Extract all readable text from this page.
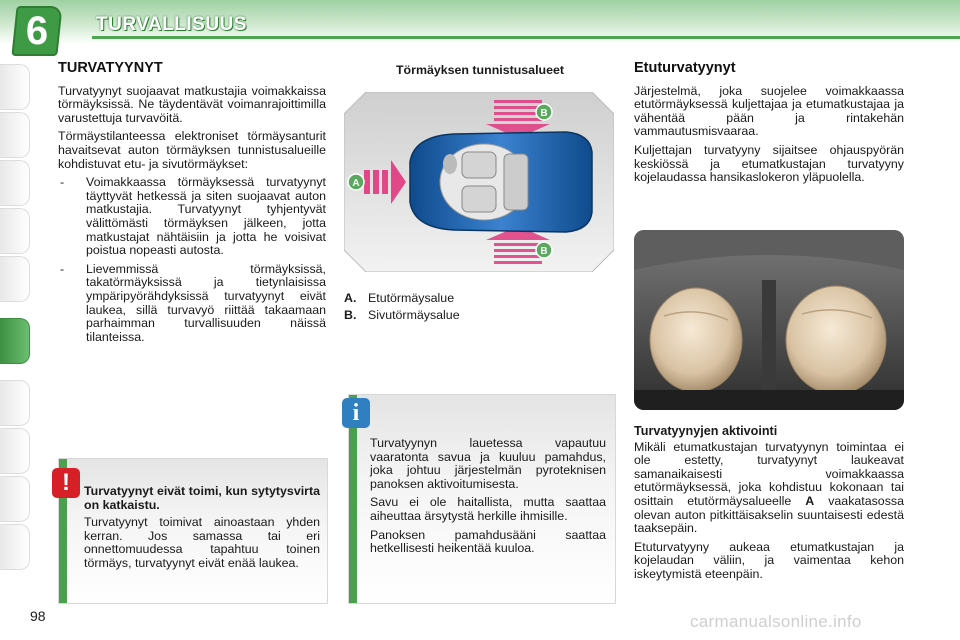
6	TURVALLISUUS
TURVATYYNYT

Turvatyynyt suojaavat matkustajia voimakkaissa törmäyksissä. Ne täydentävät voimanrajoittimilla varustettuja turvavöitä.

Törmäystilanteessa elektroniset törmäysanturit havaitsevat auton törmäyksen tunnistusalueille kohdistuvat etu- ja sivutörmäykset:

- Voimakkaassa törmäyksessä turvatyynyt täyttyvät hetkessä ja siten suojaavat auton matkustajia. Turvatyynyt tyhjentyvät välittömästi törmäyksen jälkeen, jotta matkustajat nähtäisiin ja jotta he voisivat poistua nopeasti autosta.
- Lievemmissä törmäyksissä, takatörmäyksissä ja tietynlaisissa ympäripyörähdyksissä turvatyynyt eivät laukea, sillä turvavyö riittää takaamaan parhaimman turvallisuuden näissä tilanteissa.
Törmäyksen tunnistusalueet
B
B
A
A. Etutörmäysalue
B. Sivutörmäysalue
i

Turvatyynyn lauetessa vapautuu vaaratonta savua ja kuuluu pamahdus, joka johtuu järjestelmän pyroteknisen panoksen aktivoitumisesta.

Savu ei ole haitallista, mutta saattaa aiheuttaa ärsytystä herkille ihmisille.

Panoksen pamahdusääni saattaa hetkellisesti heikentää kuuloa.

!	Turvatyynyt eivät toimi, kun sytytysvirta on katkaistu.

Turvatyynyt toimivat ainoastaan yhden kerran. Jos samassa tai eri onnettomuudessa tapahtuu toinen törmäys, turvatyynyt eivät enää laukea.

Etuturvatyynyt

Järjestelmä, joka suojelee voimakkaassa etutörmäyksessä kuljettajaa ja etumatkustajaa ja vähentää pään ja rintakehän vammautusmisvaaraa.

Kuljettajan turvatyyny sijaitsee ohjauspyörän keskiössä ja etumatkustajan turvatyyny kojelaudassa hansikaslokeron yläpuolella.

Turvatyynyjen aktivointi

Mikäli etumatkustajan turvatyynyn toimintaa ei ole estetty, turvatyynyt laukeavat samanaikaisesti voimakkaassa etutörmäyksessä, joka kohdistuu kokonaan tai osittain etutörmäysalueelle A vaakatasossa olevan auton pitkittäisakselin suuntaisesti edestä taaksepäin.

Etuturvatyyny aukeaa etumatkustajan ja kojelaudan väliin, ja vaimentaa kehon iskeytymistä eteenpäin.

98	carmanualsonline.info
